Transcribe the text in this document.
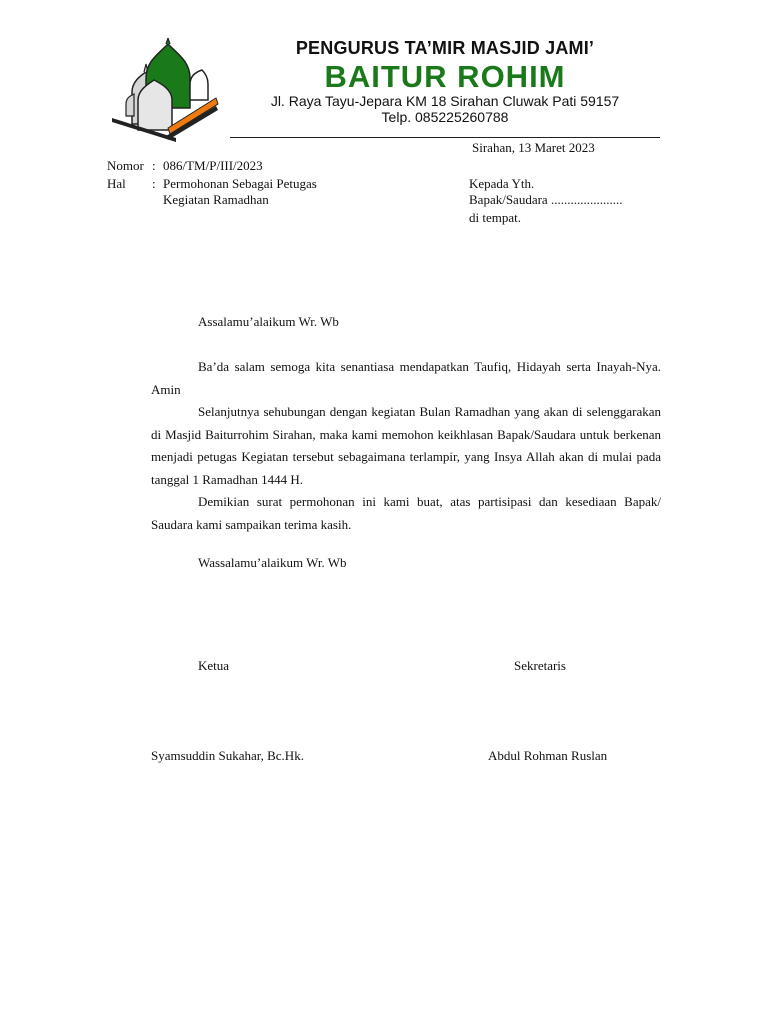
PENGURUS TA’MIR MASJID JAMI’
BAITUR ROHIM
Jl. Raya Tayu-Jepara KM 18 Sirahan Cluwak Pati 59157
Telp. 085225260788
Sirahan, 13 Maret 2023
Nomor : 086/TM/P/III/2023
Hal : Permohonan Sebagai Petugas
Kegiatan Ramadhan
Kepada Yth.
Bapak/Saudara ......................
di tempat.
Assalamu’alaikum Wr. Wb
Ba’da salam semoga kita senantiasa mendapatkan Taufiq, Hidayah serta Inayah-Nya. Amin
Selanjutnya sehubungan dengan kegiatan Bulan Ramadhan yang akan di selenggarakan di Masjid Baiturrohim Sirahan, maka kami memohon keikhlasan Bapak/Saudara untuk berkenan menjadi petugas Kegiatan tersebut sebagaimana terlampir, yang Insya Allah akan di mulai pada tanggal 1 Ramadhan 1444 H.
Demikian surat permohonan ini kami buat, atas partisipasi dan kesediaan Bapak/ Saudara kami sampaikan terima kasih.
Wassalamu’alaikum Wr. Wb
Ketua	Sekretaris
Syamsuddin Sukahar, Bc.Hk.	Abdul Rohman Ruslan
